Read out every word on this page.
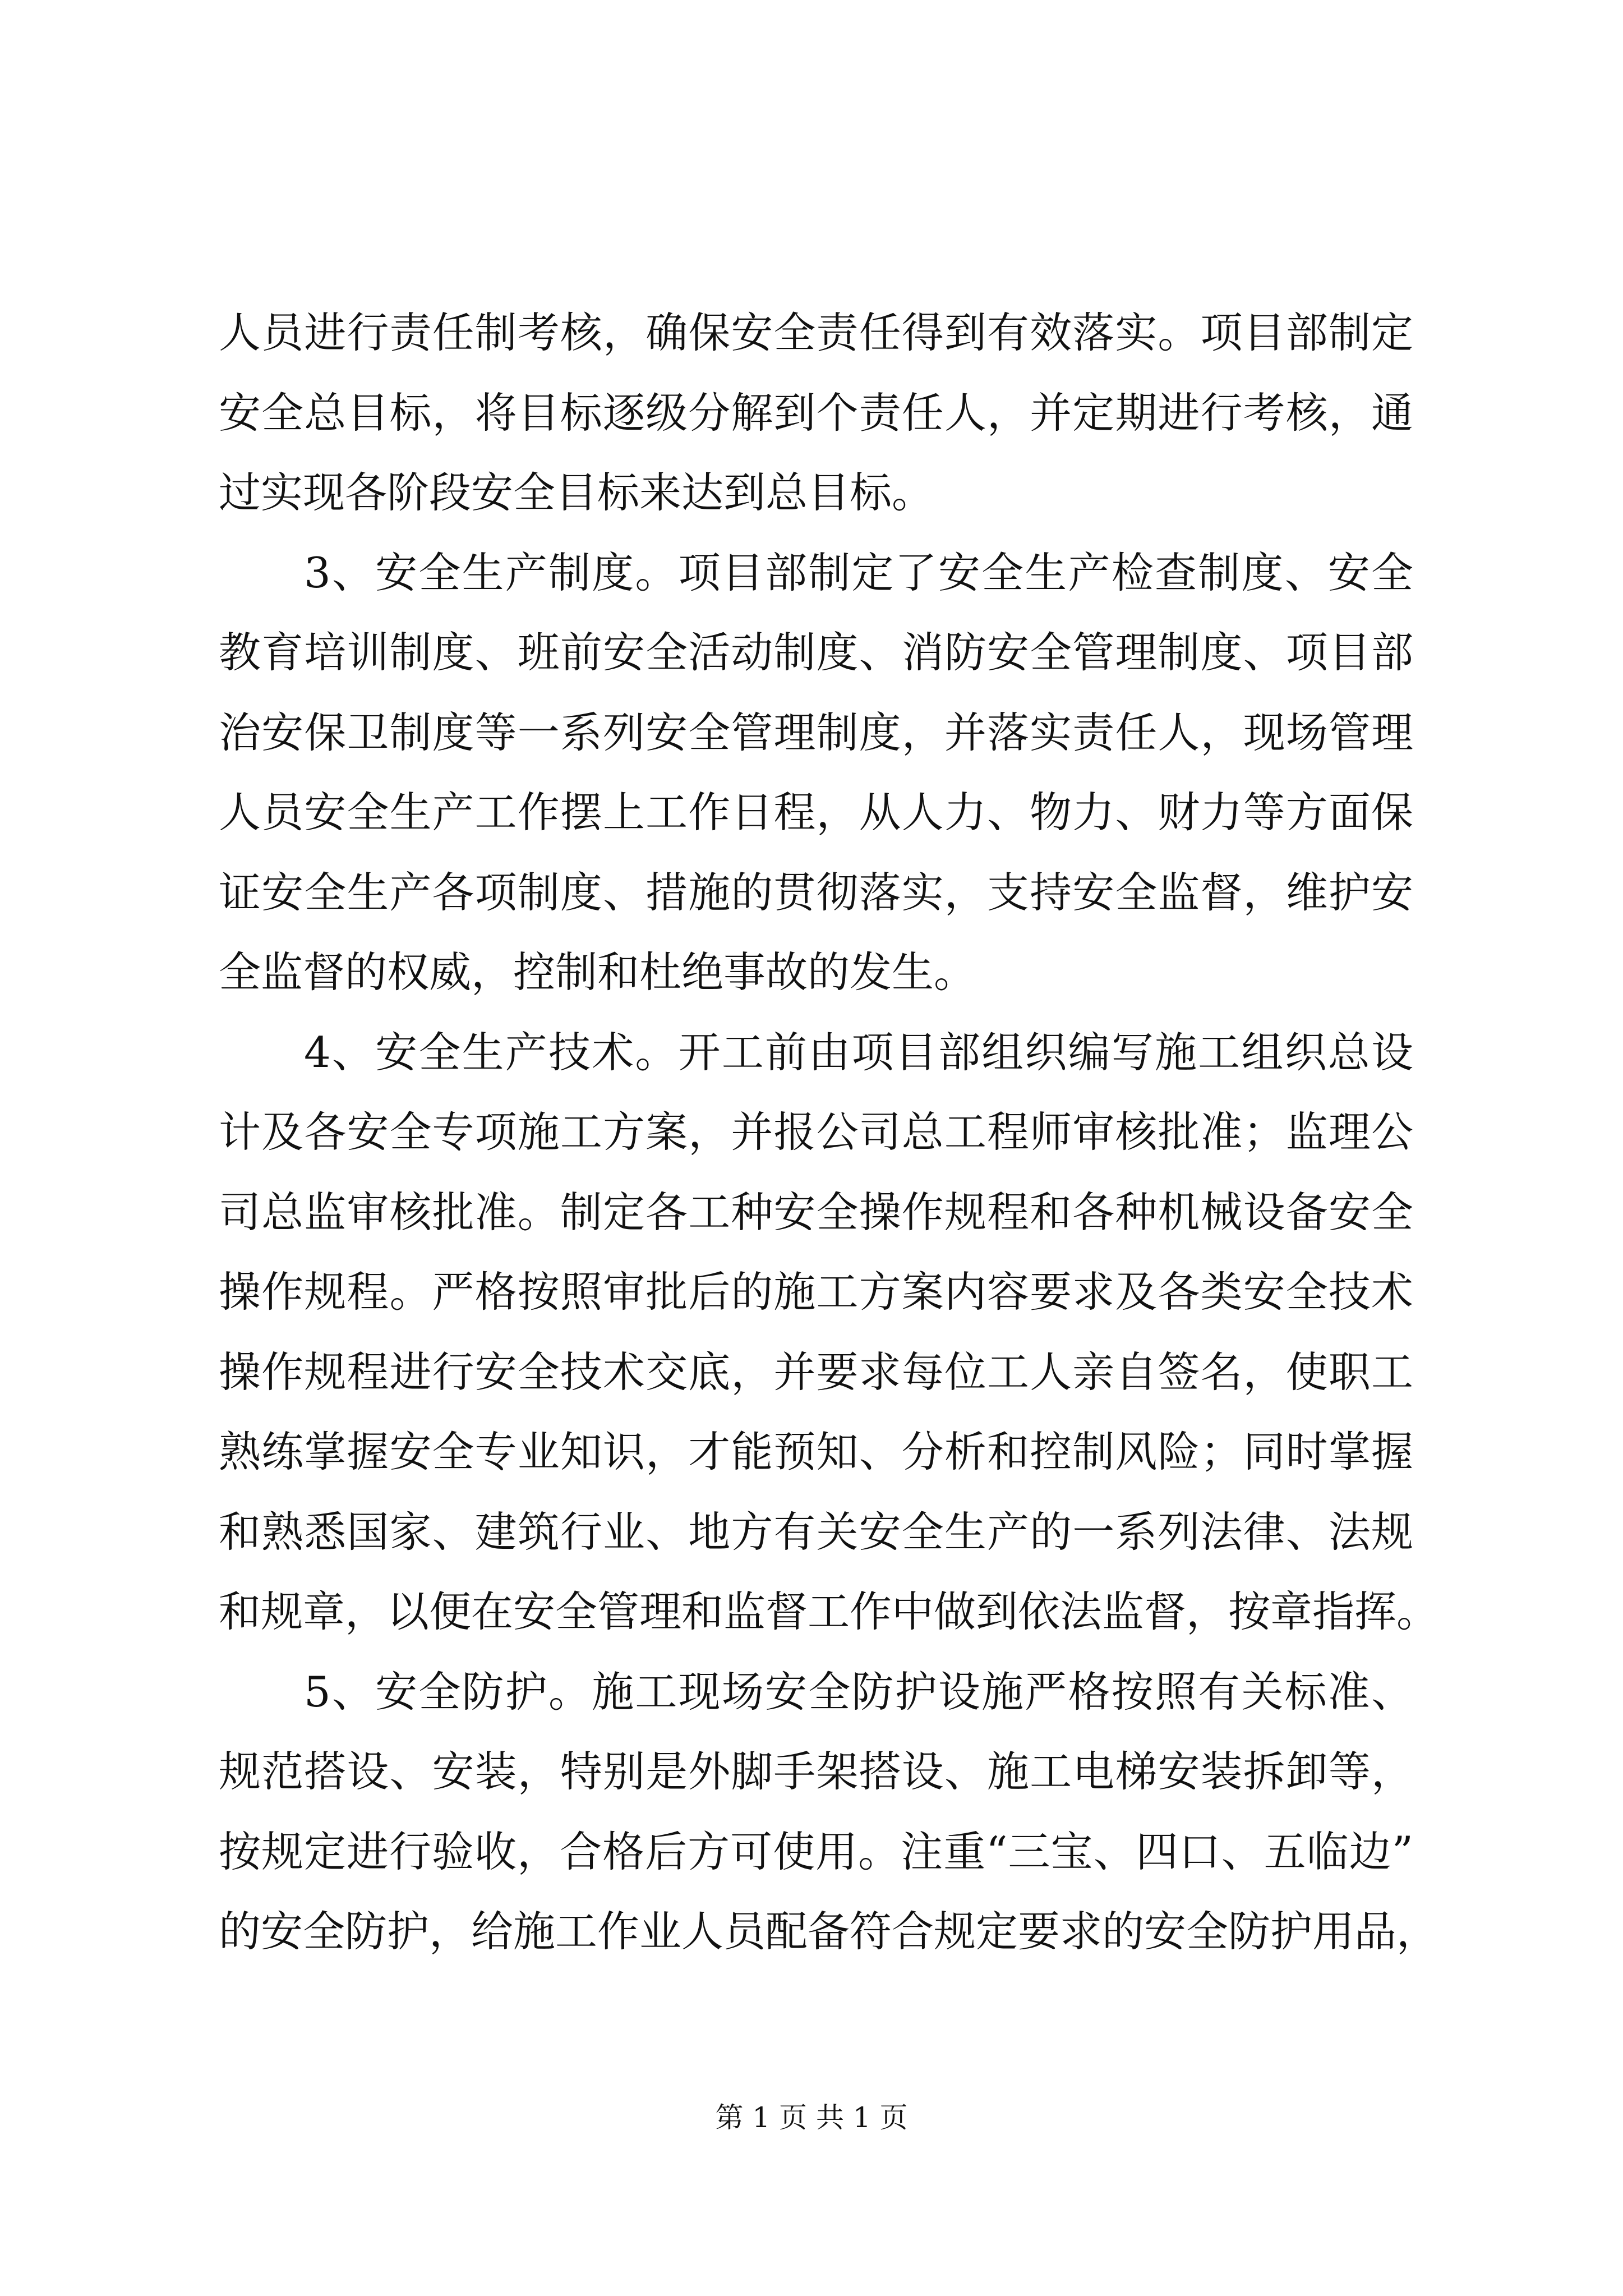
人员进行责任制考核，确保安全责任得到有效落实。项目部制定
安全总目标，将目标逐级分解到个责任人，并定期进行考核，通
过实现各阶段安全目标来达到总目标。
3、安全生产制度。项目部制定了安全生产检查制度、安全
教育培训制度、班前安全活动制度、消防安全管理制度、项目部
治安保卫制度等一系列安全管理制度，并落实责任人，现场管理
人员安全生产工作摆上工作日程，从人力、物力、财力等方面保
证安全生产各项制度、措施的贯彻落实，支持安全监督，维护安
全监督的权威，控制和杜绝事故的发生。
4、安全生产技术。开工前由项目部组织编写施工组织总设
计及各安全专项施工方案，并报公司总工程师审核批准；监理公
司总监审核批准。制定各工种安全操作规程和各种机械设备安全
操作规程。严格按照审批后的施工方案内容要求及各类安全技术
操作规程进行安全技术交底，并要求每位工人亲自签名，使职工
熟练掌握安全专业知识，才能预知、分析和控制风险；同时掌握
和熟悉国家、建筑行业、地方有关安全生产的一系列法律、法规
和规章，以便在安全管理和监督工作中做到依法监督，按章指挥。
5、安全防护。施工现场安全防护设施严格按照有关标准、
规范搭设、安装，特别是外脚手架搭设、施工电梯安装拆卸等，
按规定进行验收，合格后方可使用。注重“三宝、四口、五临边”
的安全防护，给施工作业人员配备符合规定要求的安全防护用品，
第 1 页 共 1 页
